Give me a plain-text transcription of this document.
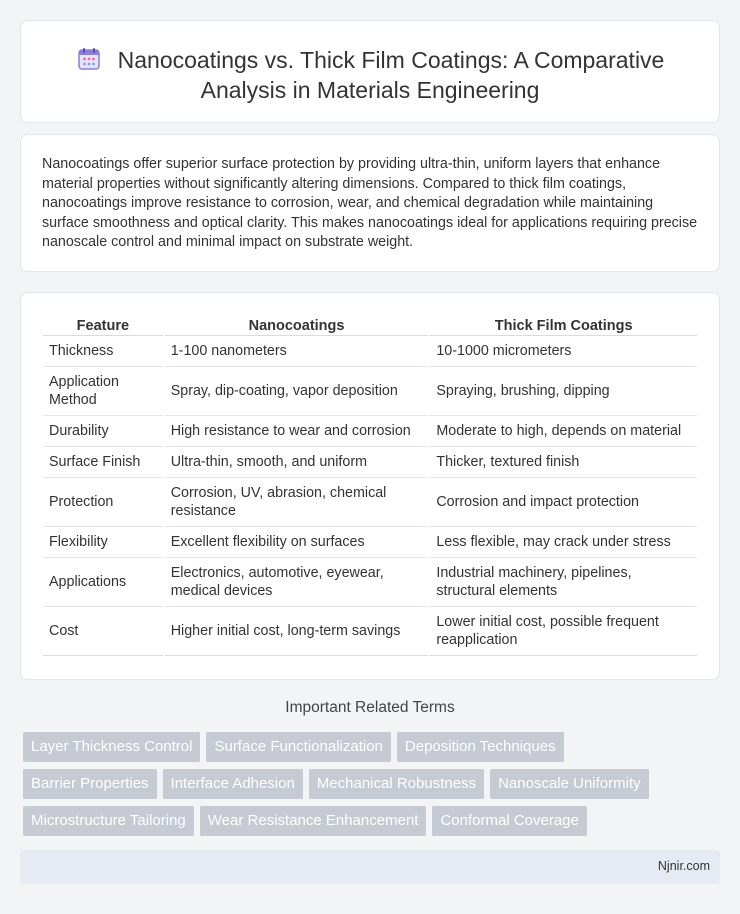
Nanocoatings vs. Thick Film Coatings: A Comparative
Analysis in Materials Engineering

Nanocoatings offer superior surface protection by providing ultra-thin, uniform layers that enhance material properties without significantly altering dimensions. Compared to thick film coatings, nanocoatings improve resistance to corrosion, wear, and chemical degradation while maintaining surface smoothness and optical clarity. This makes nanocoatings ideal for applications requiring precise nanoscale control and minimal impact on substrate weight.

Feature	Nanocoatings	Thick Film Coatings
Thickness	1-100 nanometers	10-1000 micrometers
Application Method	Spray, dip-coating, vapor deposition	Spraying, brushing, dipping
Durability	High resistance to wear and corrosion	Moderate to high, depends on material
Surface Finish	Ultra-thin, smooth, and uniform	Thicker, textured finish
Protection	Corrosion, UV, abrasion, chemical resistance	Corrosion and impact protection
Flexibility	Excellent flexibility on surfaces	Less flexible, may crack under stress
Applications	Electronics, automotive, eyewear, medical devices	Industrial machinery, pipelines, structural elements
Cost	Higher initial cost, long-term savings	Lower initial cost, possible frequent reapplication
Important Related Terms
Layer Thickness Control	Surface Functionalization	Deposition Techniques
Barrier Properties	Interface Adhesion	Mechanical Robustness	Nanoscale Uniformity
Microstructure Tailoring	Wear Resistance Enhancement	Conformal Coverage
Njnir.com
